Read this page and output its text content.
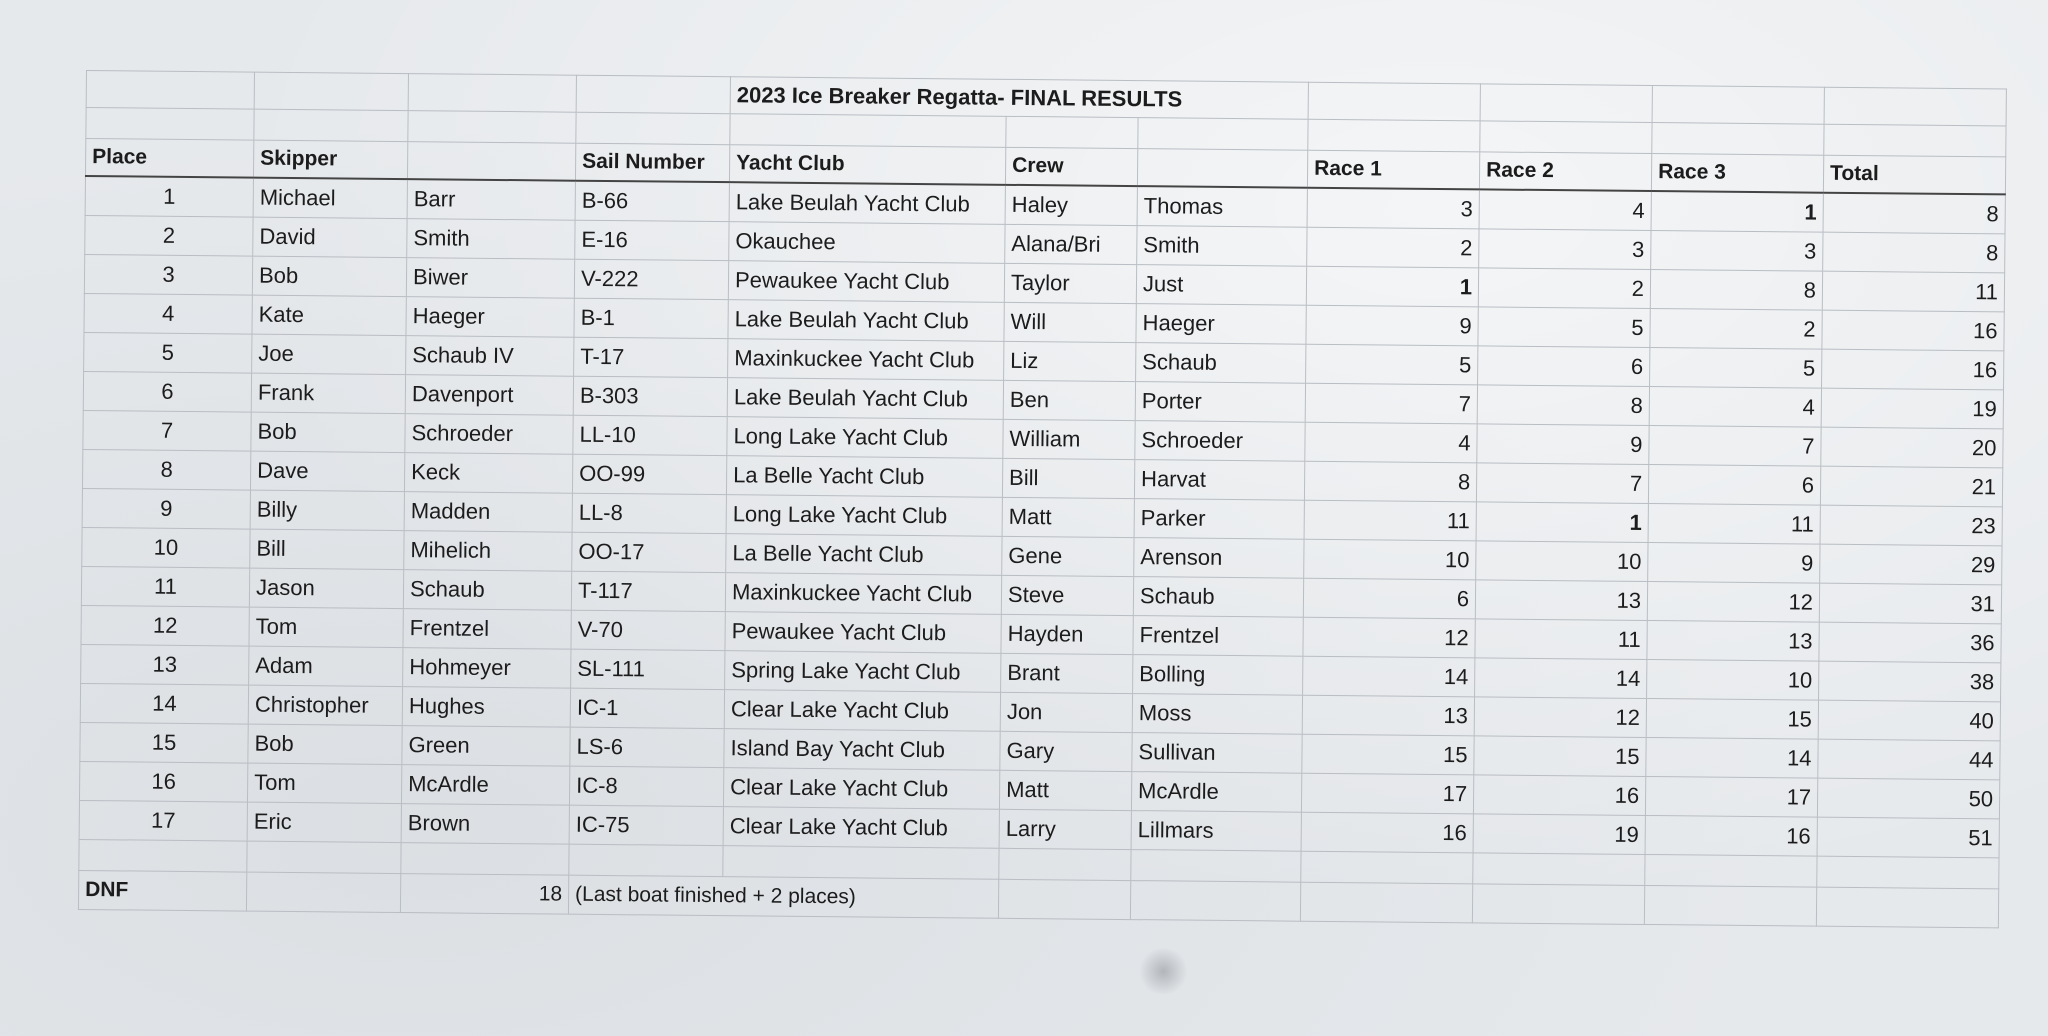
				2023 Ice Breaker Regatta- FINAL RESULTS						

Place	Skipper		Sail Number	Yacht Club	Crew		Race 1	Race 2	Race 3	Total
1	Michael	Barr	B-66	Lake Beulah Yacht Club	Haley	Thomas	3	4	1	8
2	David	Smith	E-16	Okauchee	Alana/Bri	Smith	2	3	3	8
3	Bob	Biwer	V-222	Pewaukee Yacht Club	Taylor	Just	1	2	8	11
4	Kate	Haeger	B-1	Lake Beulah Yacht Club	Will	Haeger	9	5	2	16
5	Joe	Schaub IV	T-17	Maxinkuckee Yacht Club	Liz	Schaub	5	6	5	16
6	Frank	Davenport	B-303	Lake Beulah Yacht Club	Ben	Porter	7	8	4	19
7	Bob	Schroeder	LL-10	Long Lake Yacht Club	William	Schroeder	4	9	7	20
8	Dave	Keck	OO-99	La Belle Yacht Club	Bill	Harvat	8	7	6	21
9	Billy	Madden	LL-8	Long Lake Yacht Club	Matt	Parker	11	1	11	23
10	Bill	Mihelich	OO-17	La Belle Yacht Club	Gene	Arenson	10	10	9	29
11	Jason	Schaub	T-117	Maxinkuckee Yacht Club	Steve	Schaub	6	13	12	31
12	Tom	Frentzel	V-70	Pewaukee Yacht Club	Hayden	Frentzel	12	11	13	36
13	Adam	Hohmeyer	SL-111	Spring Lake Yacht Club	Brant	Bolling	14	14	10	38
14	Christopher	Hughes	IC-1	Clear Lake Yacht Club	Jon	Moss	13	12	15	40
15	Bob	Green	LS-6	Island Bay Yacht Club	Gary	Sullivan	15	15	14	44
16	Tom	McArdle	IC-8	Clear Lake Yacht Club	Matt	McArdle	17	16	17	50
17	Eric	Brown	IC-75	Clear Lake Yacht Club	Larry	Lillmars	16	19	16	51

DNF		18	(Last boat finished + 2 places)							
